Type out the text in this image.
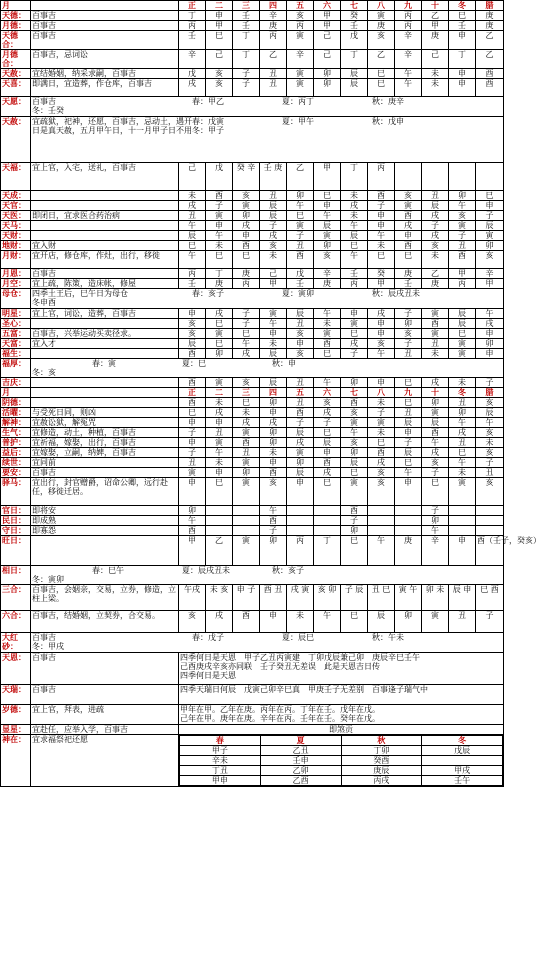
月		正	二	三	四	五	六	七	八	九	十	冬	腊
天德：	百事吉	丁	申	壬	辛	亥	甲	癸	寅	丙	乙	巳	庚
月德：	百事吉	丙	甲	壬	庚	丙	甲	壬	庚	丙	甲	壬	庚
天德合：	百事吉	壬	巳	丁	丙	寅	己	戊	亥	辛	庚	申	乙
月德合：	百事吉，忌词讼	辛	己	丁	乙	辛	己	丁	乙	辛	己	丁	乙
天赦：	宜结婚姻，纳采求嗣，百事吉	戊	亥	子	丑	寅	卯	辰	巳	午	未	申	酉
天喜：	即满日，宜造葬，作仓库，百事吉	戌	亥	子	丑	寅	卯	辰	巳	午	未	申	酉
天愿：	百事吉	春：甲乙	夏：丙丁	秋：庚辛
冬：壬癸

天赦：	宜疏狱，祀神，还愿，百事吉，忌动土，遇开日是真天赦，五月甲午日，十一月甲子日不用
春：戊寅	夏：甲午	秋：戊申
冬：甲子

天福：	宜上官，入宅，送礼，百事吉	己	戊	癸 辛	壬 庚	乙	甲	丁	丙				
天成：		未	酉	亥	丑	卯	巳	未	酉	亥	丑	卯	巳
天官：		戌	子	寅	辰	午	申	戌	子	寅	辰	午	申
天医：	即闭日，宜求医合药治病	丑	寅	卯	辰	巳	午	未	申	酉	戌	亥	子
天马：		午	申	戌	子	寅	辰	午	申	戌	子	寅	辰
天财：		辰	午	申	戌	子	寅	辰	午	申	戌	子	寅
地财：	宜入财	巳	未	酉	亥	丑	卯	巳	未	酉	亥	丑	卯
月财：	宜开店，修仓库，作灶，出行，移徙	午	巳	巳	未	酉	亥	午	巳	巳	未	酉	亥
月恩：	百事吉	丙	丁	庚	己	戊	辛	壬	癸	庚	乙	甲	辛
月空：	宜上疏，陈策，造床帐，修屋	壬	庚	丙	甲	壬	庚	丙	甲	壬	庚	丙	甲
母仓：	四季土王后，巳午日为母仓	春：亥子	夏：寅卯	秋：辰戌丑未
冬申酉

明星：	宜上官，词讼，造葬，百事吉	申	戌	子	寅	辰	午	申	戌	子	寅	辰	午
圣心：		亥	巳	子	午	丑	未	寅	申	卯	酉	辰	戌
五富：	百事吉，兴举运动买卖径求。	亥	寅	巳	申	亥	寅	巳	申	亥	寅	巳	申
天富：	宜入才	辰	巳	午	未	申	酉	戌	亥	子	丑	寅	卯
福生：		酉	卯	戌	辰	亥	巳	子	午	丑	未	寅	申
福厚：	春：寅	夏：巳	秋：申
冬：亥

吉庆：		酉	寅	亥	辰	丑	午	卯	申	巳	戌	未	子
月		正	二	三	四	五	六	七	八	九	十	冬	腊
阴德：		酉	未	巳	卯	丑	亥	酉	未	巳	卯	丑	亥
活曜：	与受死日同，则凶	巳	戌	未	申	酉	戌	亥	子	丑	寅	卯	辰
解神：	宜赦讼狱，解冤咒	申	申	戌	戌	子	子	寅	寅	辰	辰	午	午
生气：	宜修造，动土，种植，百事吉	子	丑	寅	卯	辰	巳	午	未	申	酉	戌	亥
普护：	宜祈福，嫁娶，出行，百事吉	申	寅	酉	卯	戌	辰	亥	巳	子	午	丑	未
益后：	宜嫁娶，立嗣，纳婢，百事吉	子	午	丑	未	寅	申	卯	酉	辰	戌	巳	亥
续世：	宜同前	丑	未	寅	申	卯	酉	辰	戌	巳	亥	午	子
要安：	百事吉	寅	申	卯	酉	辰	戌	巳	亥	午	子	未	丑
驿马：	宜出行，封官赠爵，诏命公卿，远行赴任，移徙迁居。	申	巳	寅	亥	申	巳	寅	亥	申	巳	寅	亥
官日：	即将安	卯			午			酉			子		
民日：	即成熟	午			酉			子			卯		
守日：	即寡怨	酉			子			卯			午		
旺日：		甲	乙	寅	卯	丙	丁	巳	午	庚	辛	申	酉（壬子，癸亥）
相日：	春：巳午	夏：辰戌丑未	秋：亥子
冬：寅卯

三合：	百事吉，会姻亲，交易，立券，修造，立柱上梁。	午戌	未 亥	申 子	酉 丑	戌 寅	亥 卯	子 辰	丑 巳	寅 午	卯 未	辰 申	巳 酉
六合：	百事吉，结婚姻，立契券，合交易。	亥	戌	酉	申	未	午	巳	辰	卯	寅	丑	子
大红砂：	
百事吉	春：戊子	夏：辰巳	秋：午未
冬：甲戌

天恩：	百事吉	四季何日是天恩　甲子乙丑丙寅建　丁卯戊辰兼己卯　庚辰辛巳壬午
己酉庚戌辛亥亦同联　壬子癸丑无差误　此是天恩吉日传
四季何日是天恩

天瑞：	百事吉	四季天瑞日何辰　戊寅己卯辛巳真　甲庚壬子无差别　百事逢子瑞气中

岁德：	宜上官，拜表，进疏	甲年在甲。乙年在庚。丙年在丙。丁年在壬。戊年在戊。
己年在甲。庚年在庚。辛年在丙。壬年在壬。癸年在戊。

显星：	宜赴任，应举入学，百事吉	即煞贡
神在：	宜求福祭祀还愿		春	夏	秋	冬
甲子	乙丑	丁卯	戊辰
辛未	壬申	癸酉	
丁丑	乙卯	庚辰	甲戌
甲申	乙酉	丙戌	壬午
